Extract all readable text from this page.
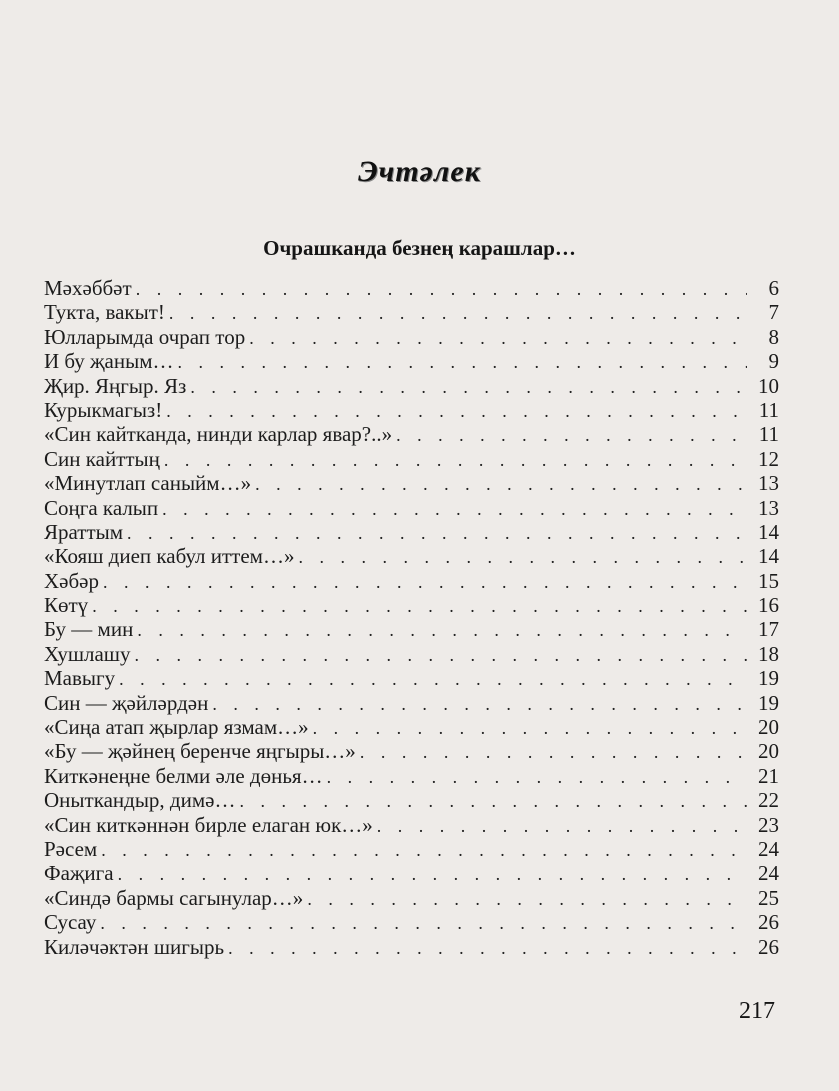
Эчтәлек
Очрашканда безнең карашлар…
Мәхәббәт . . .	6
Тукта, вакыт! . . .	7
Юлларымда очрап тор . . .	8
И бу җаным… . . .	9
Җир. Яңгыр. Яз . . .	10
Курыкмагыз! . . .	11
«Син кайтканда, нинди карлар явар?..» . . .	11
Син кайттың . . .	12
«Минутлап саныйм…» . . .	13
Соңга калып . . .	13
Яраттым . . .	14
«Кояш диеп кабул иттем…» . . .	14
Хәбәр . . .	15
Көтү . . .	16
Бу — мин . . .	17
Хушлашу . . .	18
Мавыгу . . .	19
Син — җәйләрдән . . .	19
«Сиңа атап җырлар язмам…» . . .	20
«Бу — җәйнең беренче яңгыры…» . . .	20
Киткәнеңне белми әле дөнья… . . .	21
Оныткандыр, димә… . . .	22
«Син киткәннән бирле елаган юк…» . . .	23
Рәсем . . .	24
Фаҗига . . .	24
«Синдә бармы сагынулар…» . . .	25
Сусау . . .	26
Киләчәктән шигырь . . .	26
217
